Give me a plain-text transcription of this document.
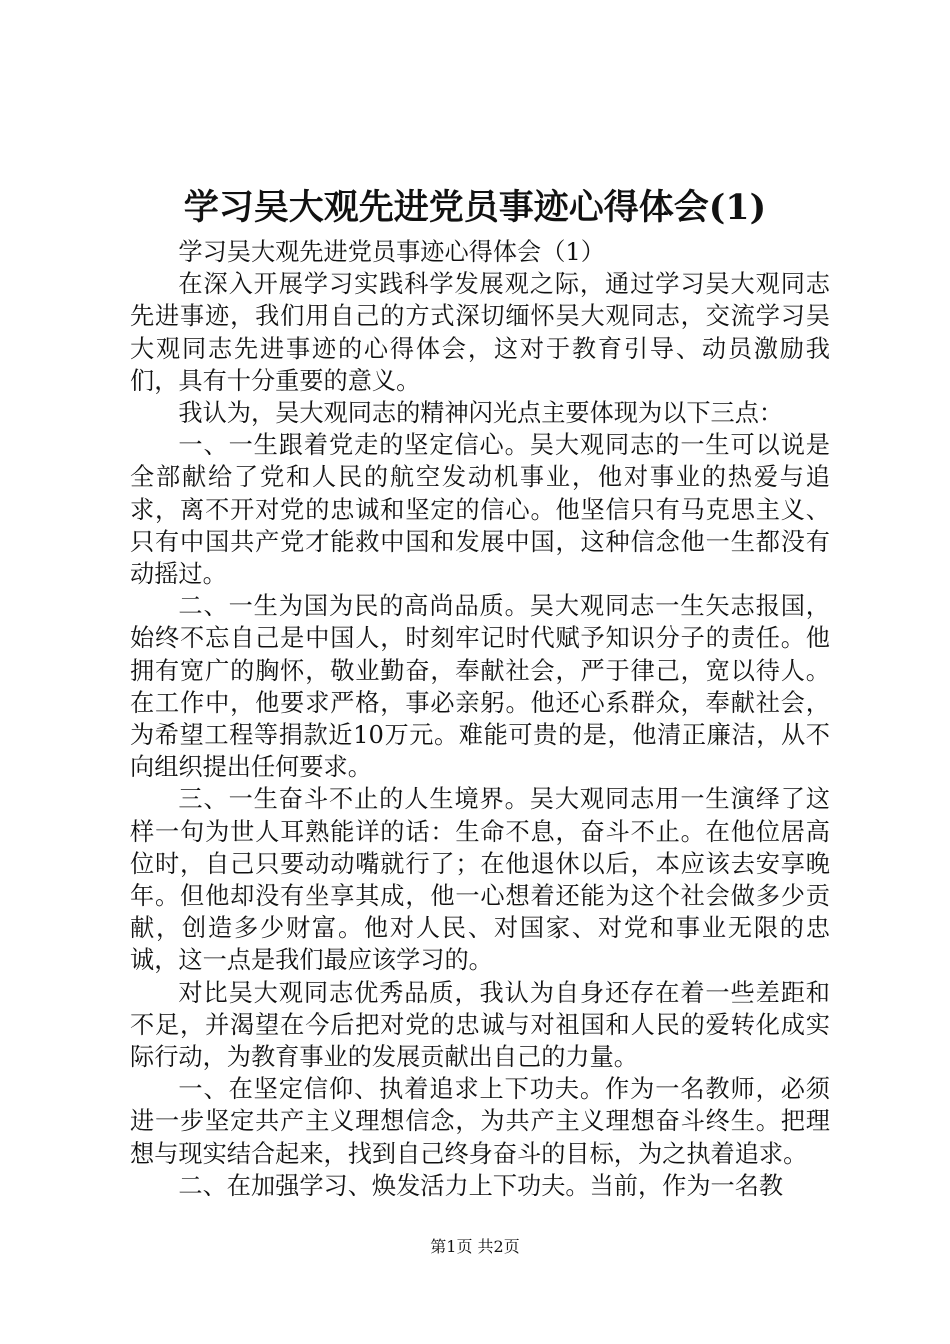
学习吴大观先进党员事迹心得体会(1)

学习吴大观先进党员事迹心得体会（1）

在深入开展学习实践科学发展观之际，通过学习吴大观同志先进事迹，我们用自己的方式深切缅怀吴大观同志，交流学习吴大观同志先进事迹的心得体会，这对于教育引导、动员激励我们，具有十分重要的意义。

我认为，吴大观同志的精神闪光点主要体现为以下三点：

一、一生跟着党走的坚定信心。吴大观同志的一生可以说是全部献给了党和人民的航空发动机事业，他对事业的热爱与追求，离不开对党的忠诚和坚定的信心。他坚信只有马克思主义、只有中国共产党才能救中国和发展中国，这种信念他一生都没有动摇过。

二、一生为国为民的高尚品质。吴大观同志一生矢志报国，始终不忘自己是中国人，时刻牢记时代赋予知识分子的责任。他拥有宽广的胸怀，敬业勤奋，奉献社会，严于律己，宽以待人。在工作中，他要求严格，事必亲躬。他还心系群众，奉献社会，为希望工程等捐款近10万元。难能可贵的是，他清正廉洁，从不向组织提出任何要求。

三、一生奋斗不止的人生境界。吴大观同志用一生演绎了这样一句为世人耳熟能详的话：生命不息，奋斗不止。在他位居高位时，自己只要动动嘴就行了；在他退休以后，本应该去安享晚年。但他却没有坐享其成，他一心想着还能为这个社会做多少贡献，创造多少财富。他对人民、对国家、对党和事业无限的忠诚，这一点是我们最应该学习的。

对比吴大观同志优秀品质，我认为自身还存在着一些差距和不足，并渴望在今后把对党的忠诚与对祖国和人民的爱转化成实际行动，为教育事业的发展贡献出自己的力量。

一、在坚定信仰、执着追求上下功夫。作为一名教师，必须进一步坚定共产主义理想信念，为共产主义理想奋斗终生。把理想与现实结合起来，找到自己终身奋斗的目标，为之执着追求。

二、在加强学习、焕发活力上下功夫。当前，作为一名教

第1页 共2页
